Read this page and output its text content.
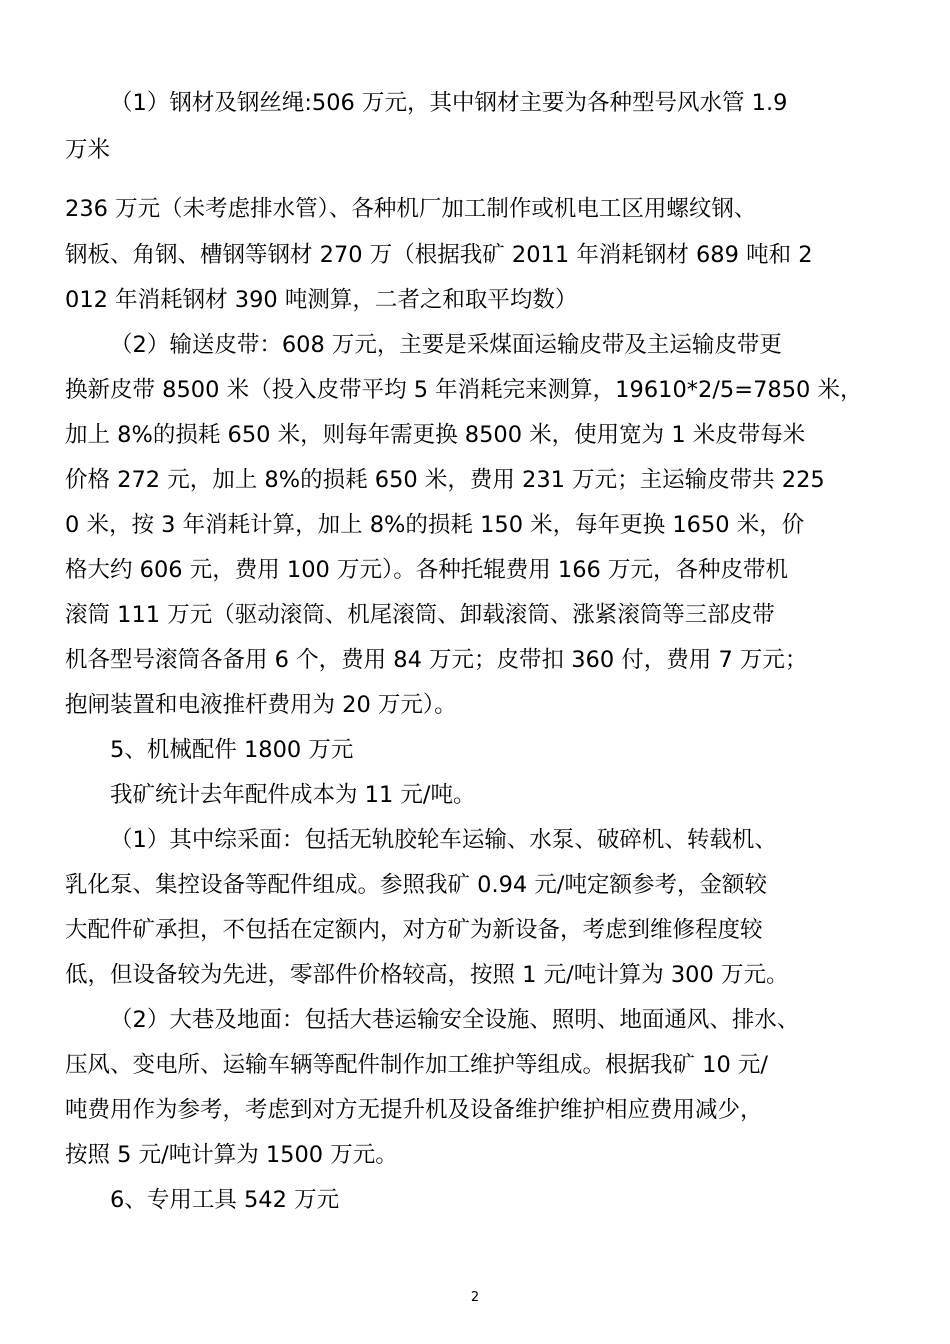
（1）钢材及钢丝绳:506 万元，其中钢材主要为各种型号风水管 1.9

万米

236 万元（未考虑排水管）、各种机厂加工制作或机电工区用螺纹钢、

钢板、角钢、槽钢等钢材 270 万（根据我矿 2011 年消耗钢材 689 吨和 2

012 年消耗钢材 390 吨测算，二者之和取平均数）

（2）输送皮带：608 万元，主要是采煤面运输皮带及主运输皮带更

换新皮带 8500 米（投入皮带平均 5 年消耗完来测算，19610*2/5=7850 米，

加上 8%的损耗 650 米，则每年需更换 8500 米，使用宽为 1 米皮带每米

价格 272 元，加上 8%的损耗 650 米，费用 231 万元；主运输皮带共 225

0 米，按 3 年消耗计算，加上 8%的损耗 150 米，每年更换 1650 米，价

格大约 606 元，费用 100 万元）。各种托辊费用 166 万元，各种皮带机

滚筒 111 万元（驱动滚筒、机尾滚筒、卸载滚筒、涨紧滚筒等三部皮带

机各型号滚筒各备用 6 个，费用 84 万元；皮带扣 360 付，费用 7 万元；

抱闸装置和电液推杆费用为 20 万元）。

5、机械配件 1800 万元

我矿统计去年配件成本为 11 元/吨。

（1）其中综采面：包括无轨胶轮车运输、水泵、破碎机、转载机、

乳化泵、集控设备等配件组成。参照我矿 0.94 元/吨定额参考，金额较

大配件矿承担，不包括在定额内，对方矿为新设备，考虑到维修程度较

低，但设备较为先进，零部件价格较高，按照 1 元/吨计算为 300 万元。

（2）大巷及地面：包括大巷运输安全设施、照明、地面通风、排水、

压风、变电所、运输车辆等配件制作加工维护等组成。根据我矿 10 元/

吨费用作为参考，考虑到对方无提升机及设备维护维护相应费用减少，

按照 5 元/吨计算为 1500 万元。

6、专用工具 542 万元

2
